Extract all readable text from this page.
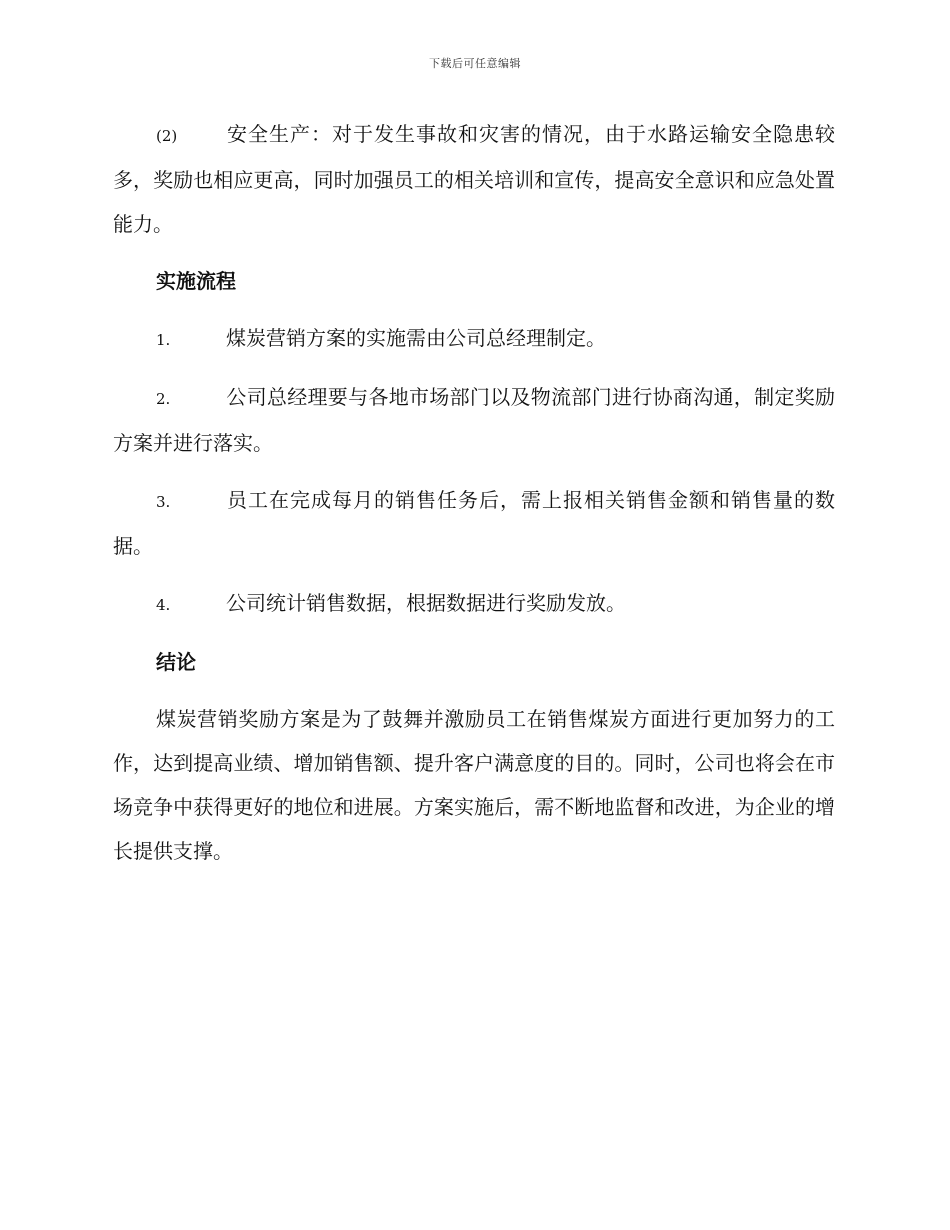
下载后可任意编辑

(2) 安全生产：对于发生事故和灾害的情况，由于水路运输安全隐患较多，奖励也相应更高，同时加强员工的相关培训和宣传，提高安全意识和应急处置能力。

实施流程

1.	煤炭营销方案的实施需由公司总经理制定。

2.	公司总经理要与各地市场部门以及物流部门进行协商沟通，制定奖励方案并进行落实。

3.	员工在完成每月的销售任务后，需上报相关销售金额和销售量的数据。

4.	公司统计销售数据，根据数据进行奖励发放。

结论

煤炭营销奖励方案是为了鼓舞并激励员工在销售煤炭方面进行更加努力的工作，达到提高业绩、增加销售额、提升客户满意度的目的。同时，公司也将会在市场竞争中获得更好的地位和进展。方案实施后，需不断地监督和改进，为企业的增长提供支撑。
